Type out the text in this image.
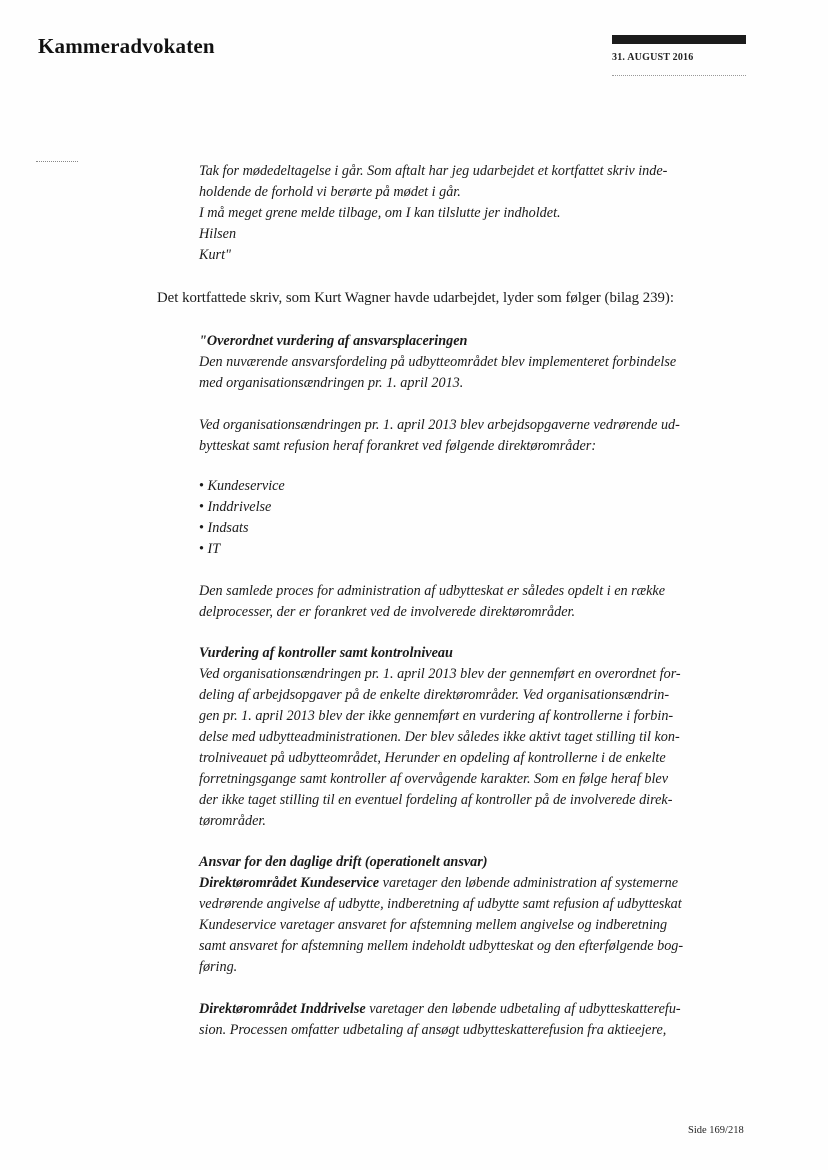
Kammeradvokaten	31. AUGUST 2016
Tak for mødedeltagelse i går. Som aftalt har jeg udarbejdet et kortfattet skriv inde-
holdende de forhold vi berørte på mødet i går.
I må meget grene melde tilbage, om I kan tilslutte jer indholdet.
Hilsen
Kurt"
Det kortfattede skriv, som Kurt Wagner havde udarbejdet, lyder som følger (bilag 239):
"Overordnet vurdering af ansvarsplaceringen
Den nuværende ansvarsfordeling på udbytteområdet blev implementeret forbindelse
med organisationsændringen pr. 1. april 2013.
Ved organisationsændringen pr. 1. april 2013 blev arbejdsopgaverne vedrørende ud-
bytteskat samt refusion heraf forankret ved følgende direktørområder:
• Kundeservice
• Inddrivelse
• Indsats
• IT
Den samlede proces for administration af udbytteskat er således opdelt i en række
delprocesser, der er forankret ved de involverede direktørområder.
Vurdering af kontroller samt kontrolniveau
Ved organisationsændringen pr. 1. april 2013 blev der gennemført en overordnet for-
deling af arbejdsopgaver på de enkelte direktørområder. Ved organisationsændrin-
gen pr. 1. april 2013 blev der ikke gennemført en vurdering af kontrollerne i forbin-
delse med udbytteadministrationen. Der blev således ikke aktivt taget stilling til kon-
trolniveauet på udbytteområdet, Herunder en opdeling af kontrollerne i de enkelte
forretningsgange samt kontroller af overvågende karakter. Som en følge heraf blev
der ikke taget stilling til en eventuel fordeling af kontroller på de involverede direk-
tørområder.
Ansvar for den daglige drift (operationelt ansvar)
Direktørområdet Kundeservice varetager den løbende administration af systemerne
vedrørende angivelse af udbytte, indberetning af udbytte samt refusion af udbytteskat
Kundeservice varetager ansvaret for afstemning mellem angivelse og indberetning
samt ansvaret for afstemning mellem indeholdt udbytteskat og den efterfølgende bog-
føring.
Direktørområdet Inddrivelse varetager den løbende udbetaling af udbytteskatterefu-
sion. Processen omfatter udbetaling af ansøgt udbytteskatterefusion fra aktieejere,
Side 169/218
